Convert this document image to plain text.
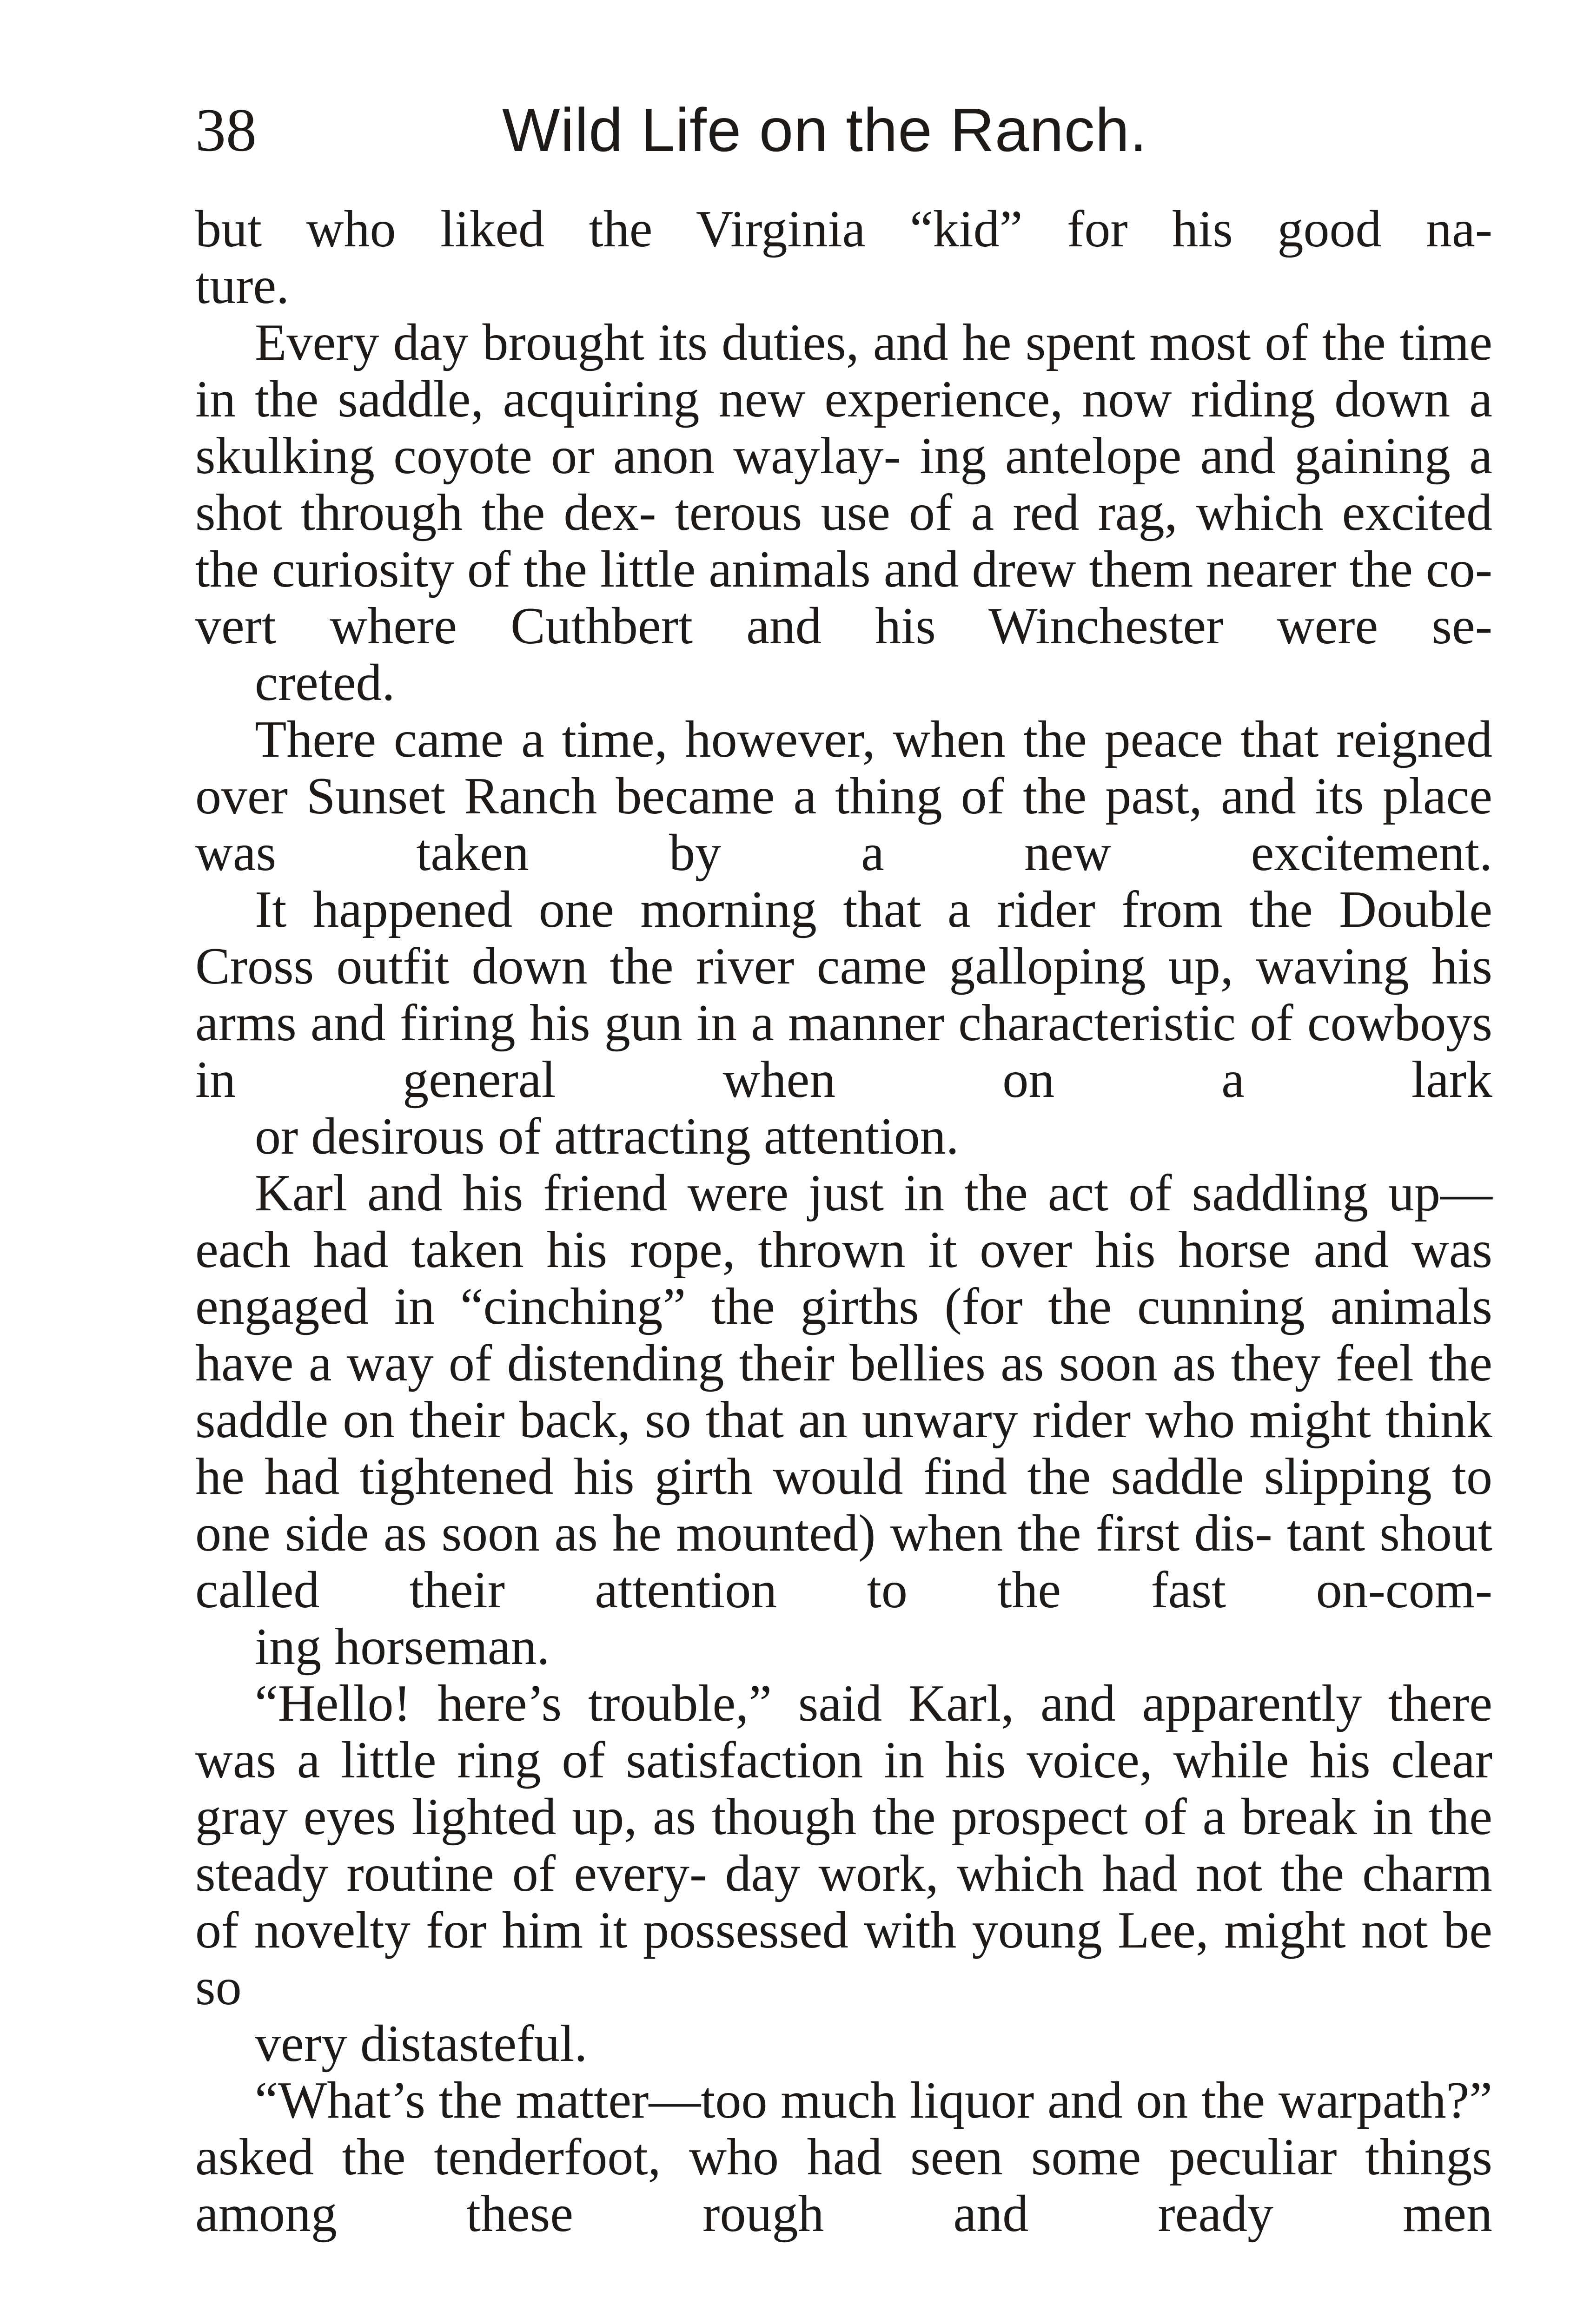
38	Wild Life on the Ranch.

but who liked the Virginia “kid” for his good na-
ture.

Every day brought its duties, and he spent most of the time in the saddle, acquiring new experience, now riding down a skulking coyote or anon waylay- ing antelope and gaining a shot through the dex- terous use of a red rag, which excited the curiosity of the little animals and drew them nearer the co- vert where Cuthbert and his Winchester were se-
creted.

There came a time, however, when the peace that reigned over Sunset Ranch became a thing of the past, and its place was taken by a new excitement.

It happened one morning that a rider from the Double Cross outfit down the river came galloping up, waving his arms and firing his gun in a manner characteristic of cowboys in general when on a lark
or desirous of attracting attention.

Karl and his friend were just in the act of saddling up—each had taken his rope, thrown it over his horse and was engaged in “cinching” the girths (for the cunning animals have a way of distending their bellies as soon as they feel the saddle on their back, so that an unwary rider who might think he had tightened his girth would find the saddle slipping to one side as soon as he mounted) when the first dis- tant shout called their attention to the fast on-com-
ing horseman.

“Hello! here’s trouble,” said Karl, and apparently there was a little ring of satisfaction in his voice, while his clear gray eyes lighted up, as though the prospect of a break in the steady routine of every- day work, which had not the charm of novelty for him it possessed with young Lee, might not be so
very distasteful.

“What’s the matter—too much liquor and on the warpath?” asked the tenderfoot, who had seen some peculiar things among these rough and ready men
